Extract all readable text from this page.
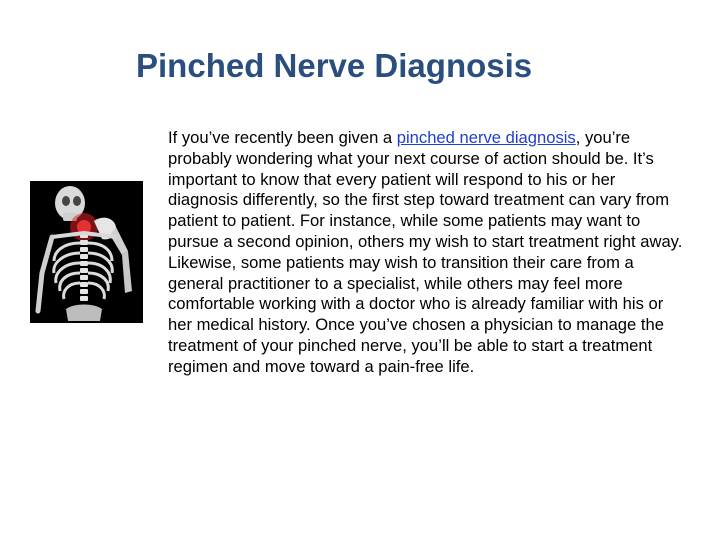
Pinched Nerve Diagnosis

If you’ve recently been given a pinched nerve diagnosis, you’re probably wondering what your next course of action should be. It’s important to know that every patient will respond to his or her diagnosis differently, so the first step toward treatment can vary from patient to patient. For instance, while some patients may want to pursue a second opinion, others my wish to start treatment right away. Likewise, some patients may wish to transition their care from a general practitioner to a specialist, while others may feel more comfortable working with a doctor who is already familiar with his or her medical history. Once you’ve chosen a physician to manage the treatment of your pinched nerve, you’ll be able to start a treatment regimen and move toward a pain-free life.
